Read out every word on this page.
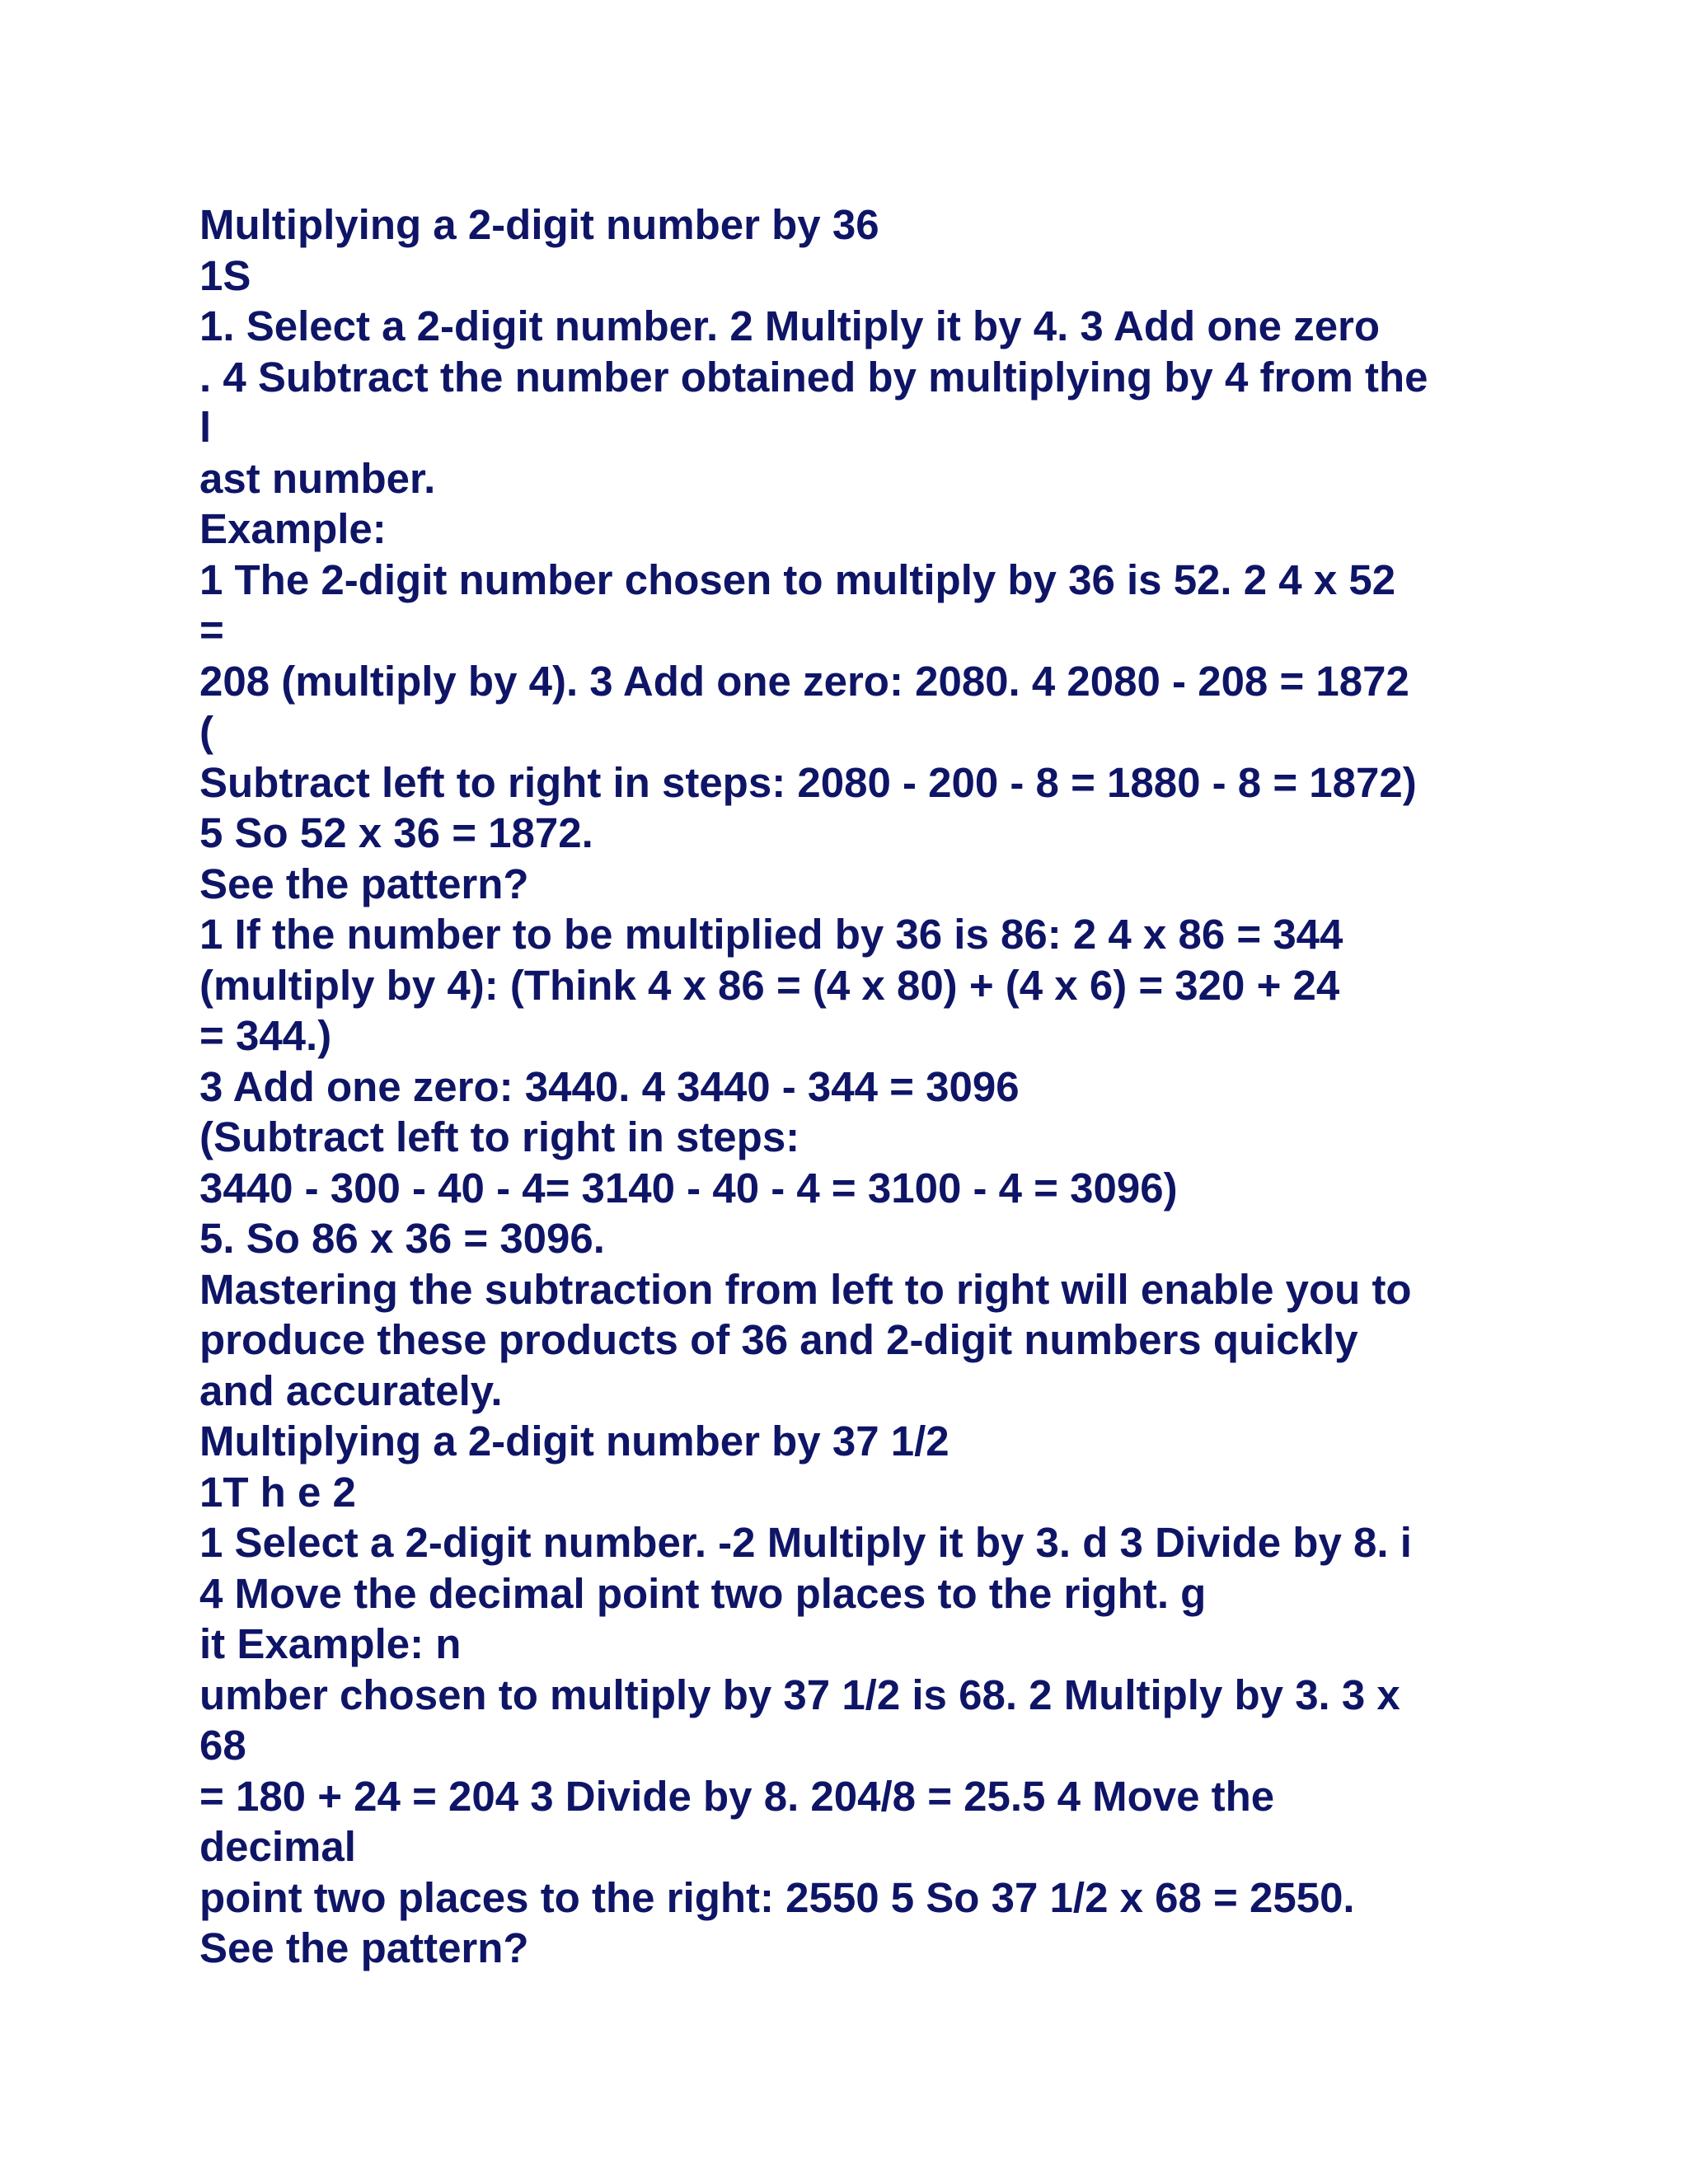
Multiplying a 2-digit number by 36
1S
1. Select a 2-digit number. 2 Multiply it by 4. 3 Add one zero
. 4 Subtract the number obtained by multiplying by 4 from the
l
ast number.
Example:
1 The 2-digit number chosen to multiply by 36 is 52. 2 4 x 52
=
208 (multiply by 4). 3 Add one zero: 2080. 4 2080 - 208 = 1872
(
Subtract left to right in steps: 2080 - 200 - 8 = 1880 - 8 = 1872)
5 So 52 x 36 = 1872.
See the pattern?
1 If the number to be multiplied by 36 is 86: 2 4 x 86 = 344
(multiply by 4): (Think 4 x 86 = (4 x 80) + (4 x 6) = 320 + 24
= 344.)
3 Add one zero: 3440. 4 3440 - 344 = 3096
(Subtract left to right in steps:
3440 - 300 - 40 - 4= 3140 - 40 - 4 = 3100 - 4 = 3096)
5. So 86 x 36 = 3096.
Mastering the subtraction from left to right will enable you to
produce these products of 36 and 2-digit numbers quickly
and accurately.
Multiplying a 2-digit number by 37 1/2
1T h e 2
1 Select a 2-digit number. -2 Multiply it by 3. d 3 Divide by 8. i
4 Move the decimal point two places to the right. g
it Example: n
umber chosen to multiply by 37 1/2 is 68. 2 Multiply by 3. 3 x
68
= 180 + 24 = 204 3 Divide by 8. 204/8 = 25.5 4 Move the
decimal
point two places to the right: 2550 5 So 37 1/2 x 68 = 2550.
See the pattern?
